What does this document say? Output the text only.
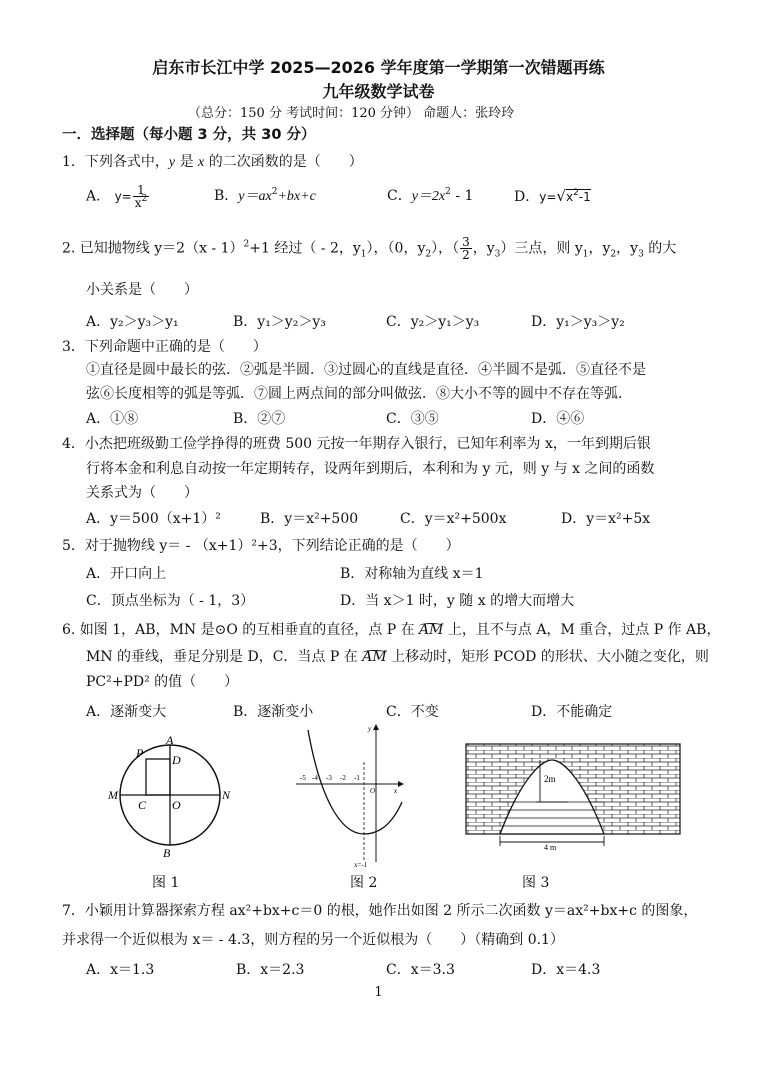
启东市长江中学 2025—2026 学年度第一学期第一次错题再练
九年级数学试卷
（总分：150 分 考试时间：120 分钟） 命题人：张玲玲
一．选择题（每小题 3 分，共 30 分）
1．下列各式中，y 是 x 的二次函数的是（　　）
A． $y= \frac{1}{x^2}$	B．$y=ax^2+bx+c$	C．$y=2x^2 - 1$	D．$y=√x^2-1$
2. 已知抛物线 y＝2（x - 1）$^2$+1 经过（ - 2，$y_1$），（0，$y_2$），（ $\frac{3}{2}$ ，$y_3$）三点，则 $y_1$，$y_2$，$y_3$ 的大
小关系是（　　）
A．y₂＞y₃＞y₁	B．y₁＞y₂＞y₃	C．y₂＞y₁＞y₃	D．y₁＞y₃＞y₂
3．下列命题中正确的是（　　）
①直径是圆中最长的弦．②弧是半圆．③过圆心的直线是直径．④半圆不是弧．⑤直径不是
弦⑥长度相等的弧是等弧．⑦圆上两点间的部分叫做弦．⑧大小不等的圆中不存在等弧．
A．①⑧	B．②⑦	C．③⑤	D．④⑥
4．小杰把班级勤工俭学挣得的班费 500 元按一年期存入银行，已知年利率为 x，一年到期后银
行将本金和利息自动按一年定期转存，设两年到期后，本利和为 y 元，则 y 与 x 之间的函数
关系式为（　　）
A．y＝500（x+1）²	B．y＝x²+500	C．y＝x²+500x	D．y＝x²+5x
5．对于抛物线 y＝ - （x+1）²+3，下列结论正确的是（　　）
A．开口向上	B．对称轴为直线 x＝1
C．顶点坐标为（ - 1，3）	D．当 x＞1 时，y 随 x 的增大而增大
6. 如图 1，AB，MN 是⊙O 的互相垂直的直径，点 P 在 AM 上，且不与点 A，M 重合，过点 P 作 AB，
MN 的垂线，垂足分别是 D，C．当点 P 在 AM 上移动时，矩形 PCOD 的形状、大小随之变化，则
PC²+PD² 的值（　　）
A．逐渐变大	B．逐渐变小	C．不变	D．不能确定
P
A
D
M
C O
N
B
-5 -4 -3 -2 -1
O	x
y
x=-1
2m
4 m
图 1	图 2	图 3
7．小颖用计算器探索方程 ax²+bx+c＝0 的根，她作出如图 2 所示二次函数 y＝ax²+bx+c 的图象，
并求得一个近似根为 x＝ - 4.3，则方程的另一个近似根为（　　）（精确到 0.1）
A．x＝1.3	B．x＝2.3	C．x＝3.3	D．x＝4.3
1
